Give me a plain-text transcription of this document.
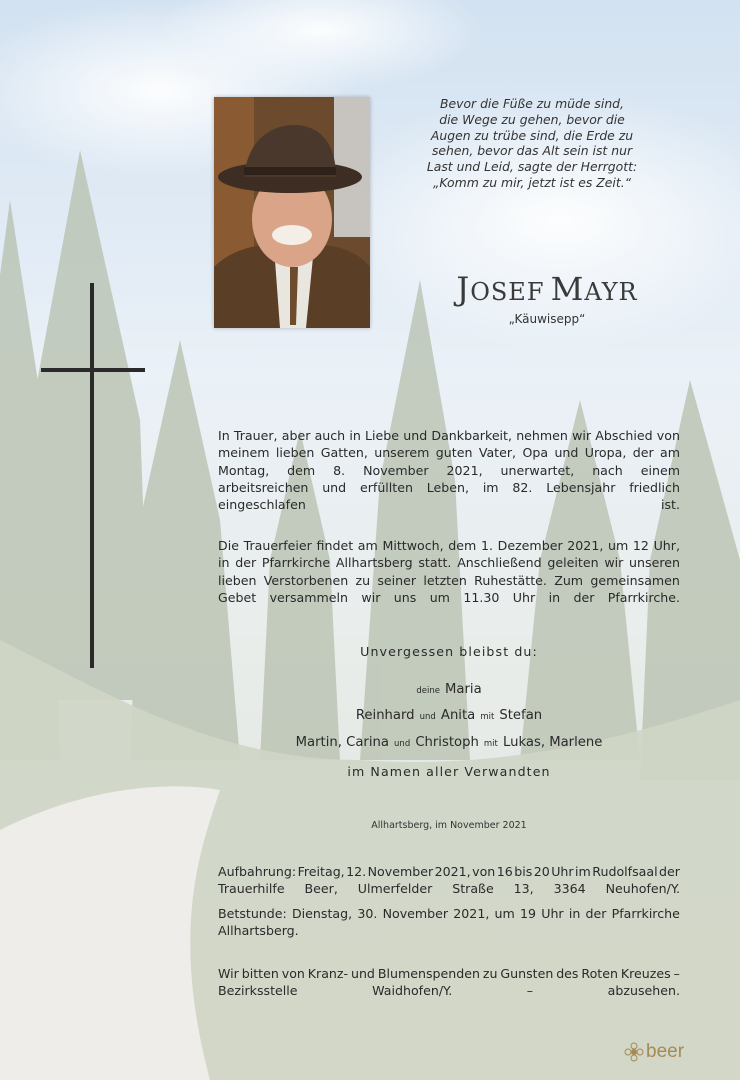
Bevor die Füße zu müde sind,
die Wege zu gehen, bevor die
Augen zu trübe sind, die Erde zu
sehen, bevor das Alt sein ist nur
Last und Leid, sagte der Herrgott:
„Komm zu mir, jetzt ist es Zeit.“
JOSEF MAYR
„Käuwisepp“
In Trauer, aber auch in Liebe und Dankbarkeit, nehmen wir Abschied von
meinem lieben Gatten, unserem guten Vater, Opa und Uropa, der am
Montag, dem 8. November 2021, unerwartet, nach einem
arbeitsreichen und erfüllten Leben, im 82. Lebensjahr friedlich
eingeschlafen ist.
Die Trauerfeier findet am Mittwoch, dem 1. Dezember 2021, um 12 Uhr,
in der Pfarrkirche Allhartsberg statt. Anschließend geleiten wir unseren
lieben Verstorbenen zu seiner letzten Ruhestätte. Zum gemeinsamen
Gebet versammeln wir uns um 11.30 Uhr in der Pfarrkirche.
Unvergessen bleibst du:
deine Maria
Reinhard und Anita mit Stefan
Martin, Carina und Christoph mit Lukas, Marlene
im Namen aller Verwandten
Allhartsberg, im November 2021
Aufbahrung: Freitag, 12. November 2021, von 16 bis 20 Uhr im Rudolfsaal der
Trauerhilfe Beer, Ulmerfelder Straße 13, 3364 Neuhofen/Y.
Betstunde: Dienstag, 30. November 2021, um 19 Uhr in der Pfarrkirche
Allhartsberg.
Wir bitten von Kranz- und Blumenspenden zu Gunsten des Roten Kreuzes –
Bezirksstelle Waidhofen/Y. – abzusehen.
beer
